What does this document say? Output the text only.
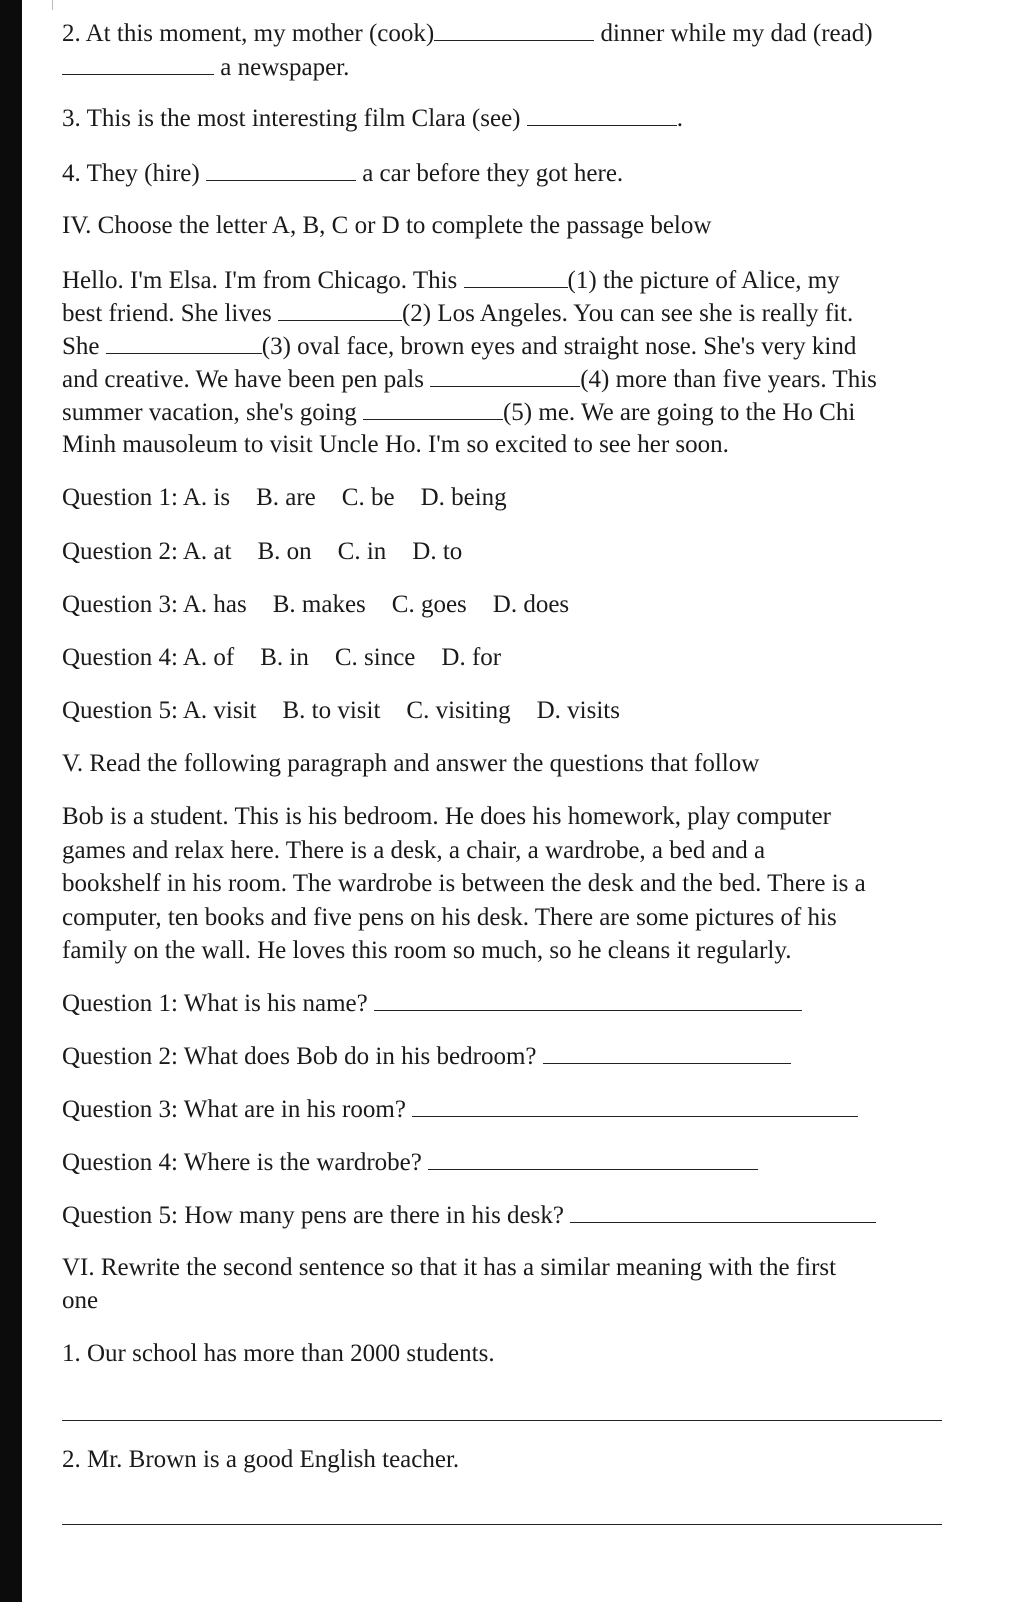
2. At this moment, my mother (cook)	dinner while my dad (read)
a newspaper.
3. This is the most interesting film Clara (see)	.
4. They (hire)	a car before they got here.
IV. Choose the letter A, B, C or D to complete the passage below
Hello. I'm Elsa. I'm from Chicago. This	(1) the picture of Alice, my
best friend. She lives	(2) Los Angeles. You can see she is really fit.
She	(3) oval face, brown eyes and straight nose. She's very kind
and creative. We have been pen pals	(4) more than five years. This
summer vacation, she's going	(5) me. We are going to the Ho Chi
Minh mausoleum to visit Uncle Ho. I'm so excited to see her soon.
Question 1: A. is B. are C. be D. being
Question 2: A. at B. on C. in D. to
Question 3: A. has B. makes C. goes D. does
Question 4: A. of B. in C. since D. for
Question 5: A. visit B. to visit C. visiting D. visits
V. Read the following paragraph and answer the questions that follow
Bob is a student. This is his bedroom. He does his homework, play computer
games and relax here. There is a desk, a chair, a wardrobe, a bed and a
bookshelf in his room. The wardrobe is between the desk and the bed. There is a
computer, ten books and five pens on his desk. There are some pictures of his
family on the wall. He loves this room so much, so he cleans it regularly.
Question 1: What is his name?
Question 2: What does Bob do in his bedroom?
Question 3: What are in his room?
Question 4: Where is the wardrobe?
Question 5: How many pens are there in his desk?
VI. Rewrite the second sentence so that it has a similar meaning with the first
one
1. Our school has more than 2000 students.
2. Mr. Brown is a good English teacher.
